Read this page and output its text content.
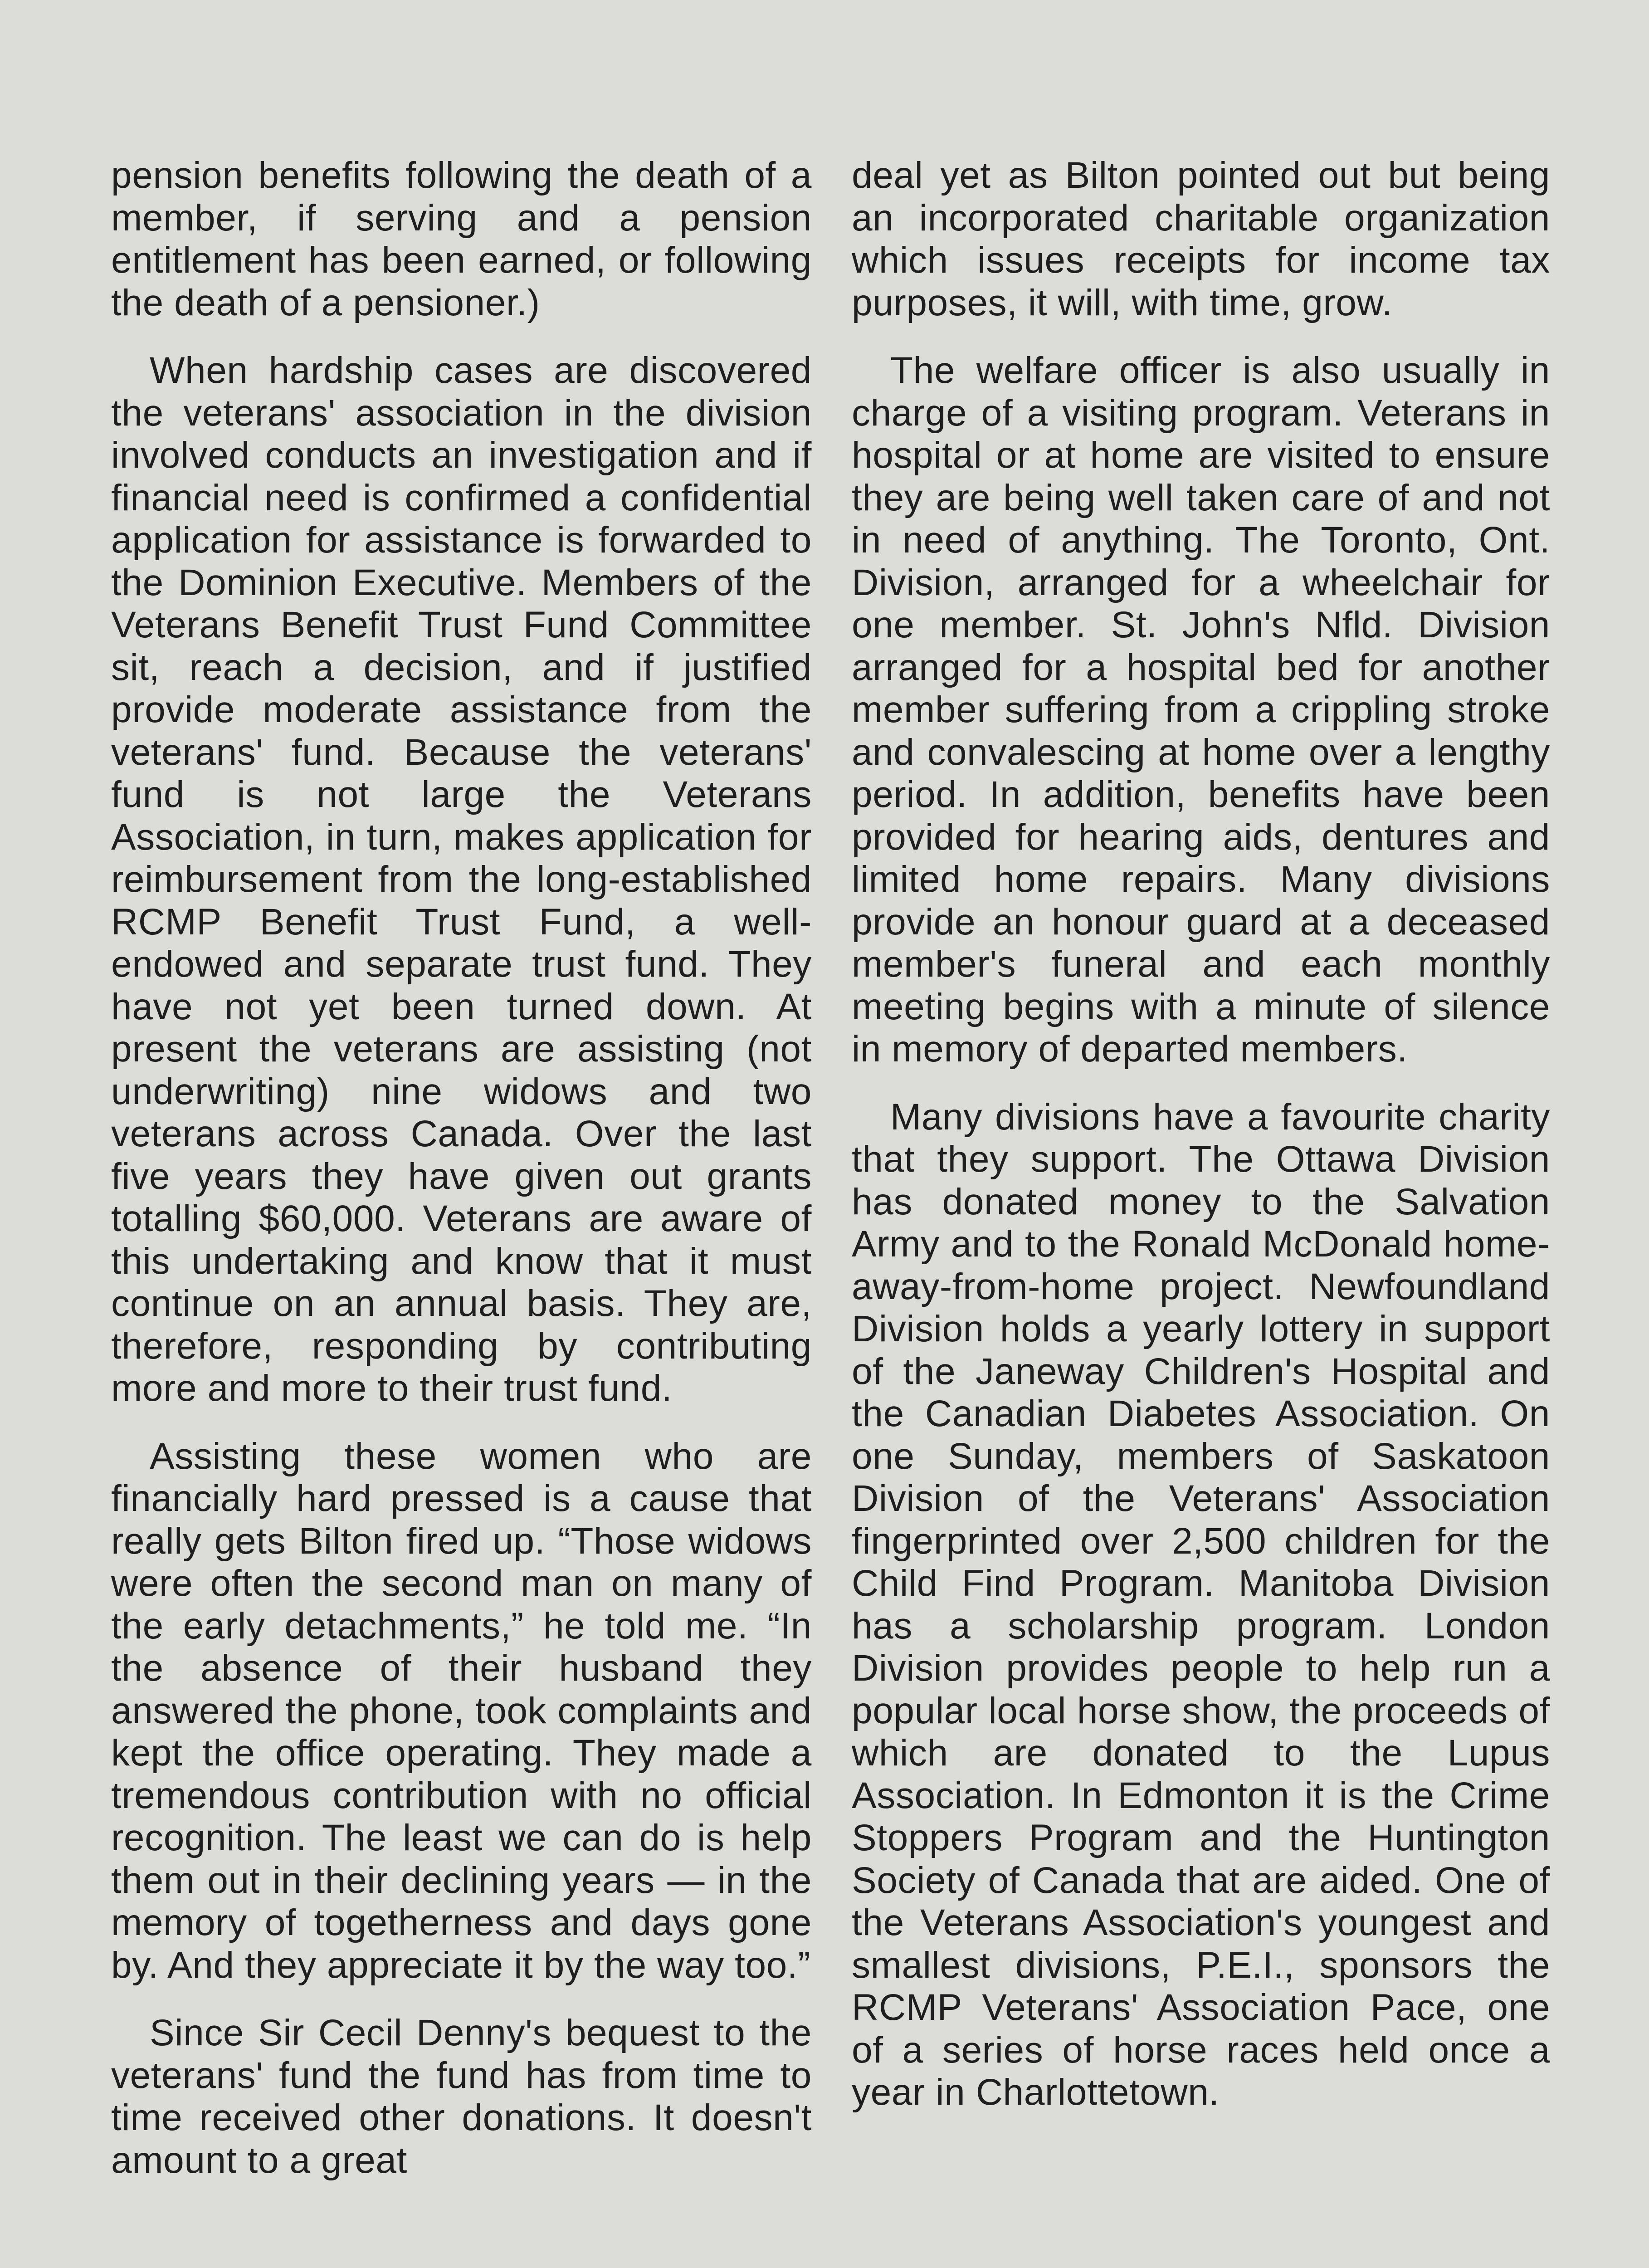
pension benefits following the death of a member, if serving and a pension entitlement has been earned, or following the death of a pensioner.)

When hardship cases are discovered the veterans' association in the division involved conducts an investigation and if financial need is confirmed a confidential application for assistance is forwarded to the Dominion Executive. Members of the Veterans Benefit Trust Fund Committee sit, reach a decision, and if justified provide moderate assistance from the veterans' fund. Because the veterans' fund is not large the Veterans Association, in turn, makes application for reimbursement from the long-established RCMP Benefit Trust Fund, a well-endowed and separate trust fund. They have not yet been turned down. At present the veterans are assisting (not underwriting) nine widows and two veterans across Canada. Over the last five years they have given out grants totalling $60,000. Veterans are aware of this undertaking and know that it must continue on an annual basis. They are, therefore, responding by contributing more and more to their trust fund.

Assisting these women who are financially hard pressed is a cause that really gets Bilton fired up. “Those widows were often the second man on many of the early detachments,” he told me. “In the absence of their husband they answered the phone, took complaints and kept the office operating. They made a tremendous contribution with no official recognition. The least we can do is help them out in their declining years — in the memory of togetherness and days gone by. And they appreciate it by the way too.”

Since Sir Cecil Denny's bequest to the veterans' fund the fund has from time to time received other donations. It doesn't amount to a great

deal yet as Bilton pointed out but being an incorporated charitable organization which issues receipts for income tax purposes, it will, with time, grow.

The welfare officer is also usually in charge of a visiting program. Veterans in hospital or at home are visited to ensure they are being well taken care of and not in need of anything. The Toronto, Ont. Division, arranged for a wheelchair for one member. St. John's Nfld. Division arranged for a hospital bed for another member suffering from a crippling stroke and convalescing at home over a lengthy period. In addition, benefits have been provided for hearing aids, dentures and limited home repairs. Many divisions provide an honour guard at a deceased member's funeral and each monthly meeting begins with a minute of silence in memory of departed members.

Many divisions have a favourite charity that they support. The Ottawa Division has donated money to the Salvation Army and to the Ronald McDonald home-away-from-home project. Newfoundland Division holds a yearly lottery in support of the Janeway Children's Hospital and the Canadian Diabetes Association. On one Sunday, members of Saskatoon Division of the Veterans' Association fingerprinted over 2,500 children for the Child Find Program. Manitoba Division has a scholarship program. London Division provides people to help run a popular local horse show, the proceeds of which are donated to the Lupus Association. In Edmonton it is the Crime Stoppers Program and the Huntington Society of Canada that are aided. One of the Veterans Association's youngest and smallest divisions, P.E.I., sponsors the RCMP Veterans' Association Pace, one of a series of horse races held once a year in Charlottetown.
